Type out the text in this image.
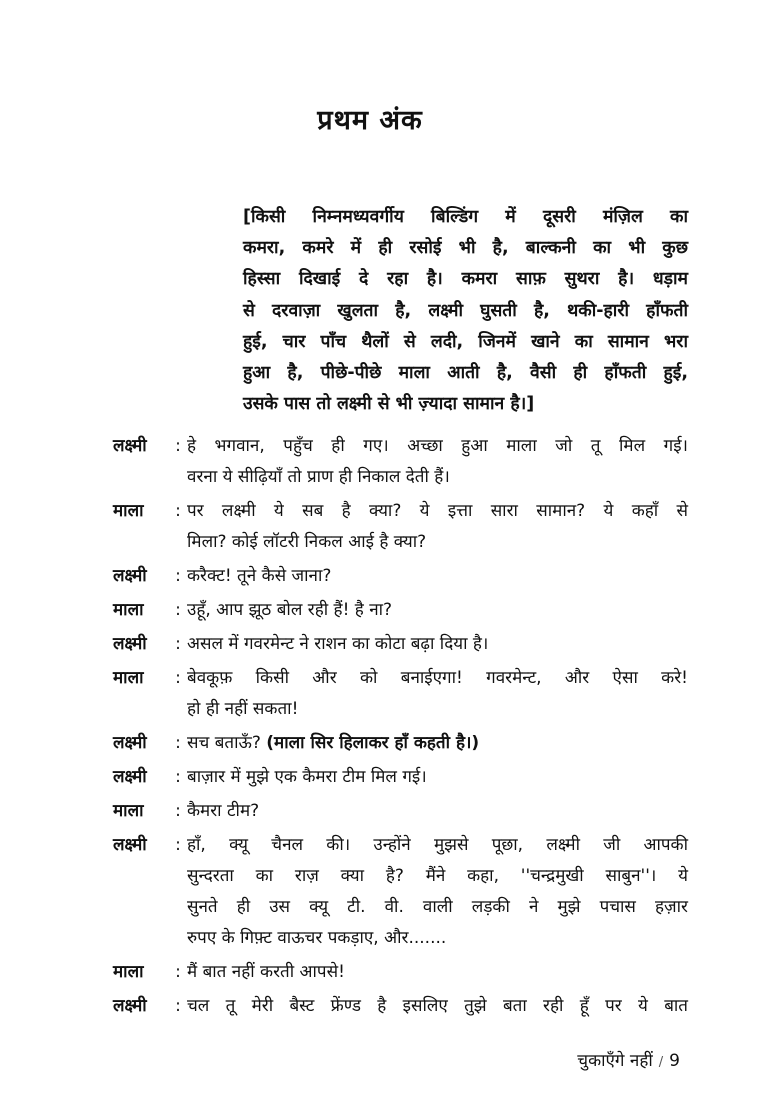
प्रथम अंक
[किसी निम्नमध्यवर्गीय बिल्डिंग में दूसरी मंज़िल का
कमरा, कमरे में ही रसोई भी है, बाल्कनी का भी कुछ
हिस्सा दिखाई दे रहा है। कमरा साफ़ सुथरा है। धड़ाम
से दरवाज़ा खुलता है, लक्ष्मी घुसती है, थकी-हारी हाँफती
हुई, चार पाँच थैलों से लदी, जिनमें खाने का सामान भरा
हुआ है, पीछे-पीछे माला आती है, वैसी ही हाँफती हुई,
उसके पास तो लक्ष्मी से भी ज़्यादा सामान है।]
लक्ष्मी	: हे भगवान, पहुँच ही गए। अच्छा हुआ माला जो तू मिल गई।
वरना ये सीढ़ियाँ तो प्राण ही निकाल देती हैं।
माला	: पर लक्ष्मी ये सब है क्या? ये इत्ता सारा सामान? ये कहाँ से
मिला? कोई लॉटरी निकल आई है क्या?
लक्ष्मी	: करैक्ट! तूने कैसे जाना?
माला	: उहूँ, आप झूठ बोल रही हैं! है ना?
लक्ष्मी	: असल में गवरमेन्ट ने राशन का कोटा बढ़ा दिया है।
माला	: बेवकूफ़ किसी और को बनाईएगा! गवरमेन्ट, और ऐसा करे!
हो ही नहीं सकता!
लक्ष्मी	: सच बताऊँ? (माला सिर हिलाकर हाँ कहती है।)
लक्ष्मी	: बाज़ार में मुझे एक कैमरा टीम मिल गई।
माला	: कैमरा टीम?
लक्ष्मी	: हाँ, क्यू चैनल की। उन्होंने मुझसे पूछा, लक्ष्मी जी आपकी
सुन्दरता का राज़ क्या है? मैंने कहा, ''चन्द्रमुखी साबुन''। ये
सुनते ही उस क्यू टी. वी. वाली लड़की ने मुझे पचास हज़ार
रुपए के गिफ़्ट वाऊचर पकड़ाए, और.......
माला	: मैं बात नहीं करती आपसे!
लक्ष्मी	: चल तू मेरी बैस्ट फ्रेंण्ड है इसलिए तुझे बता रही हूँ पर ये बात
चुकाएँगे नहीं / 9
